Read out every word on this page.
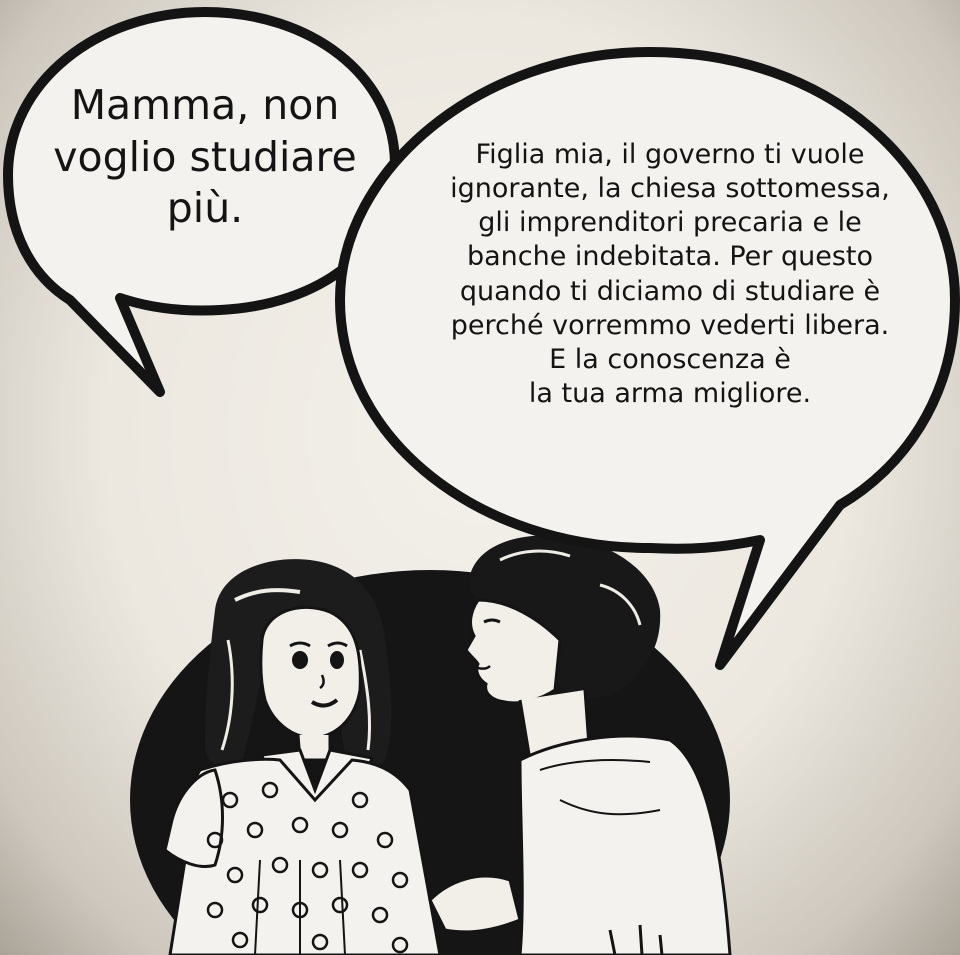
Mamma, non
voglio studiare
più.
Figlia mia, il governo ti vuole
ignorante, la chiesa sottomessa,
gli imprenditori precaria e le
banche indebitata. Per questo
quando ti diciamo di studiare è
perché vorremmo vederti libera.
E la conoscenza è
la tua arma migliore.
